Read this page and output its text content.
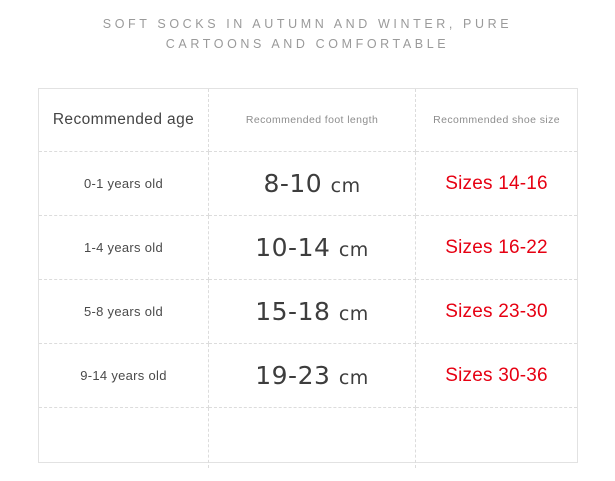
SOFT SOCKS IN AUTUMN AND WINTER, PURE
CARTOONS AND COMFORTABLE
Recommended age	Recommended foot length	Recommended shoe size
0-1 years old	8-10 cm	Sizes 14-16
1-4 years old	10-14 cm	Sizes 16-22
5-8 years old	15-18 cm	Sizes 23-30
9-14 years old	19-23 cm	Sizes 30-36
